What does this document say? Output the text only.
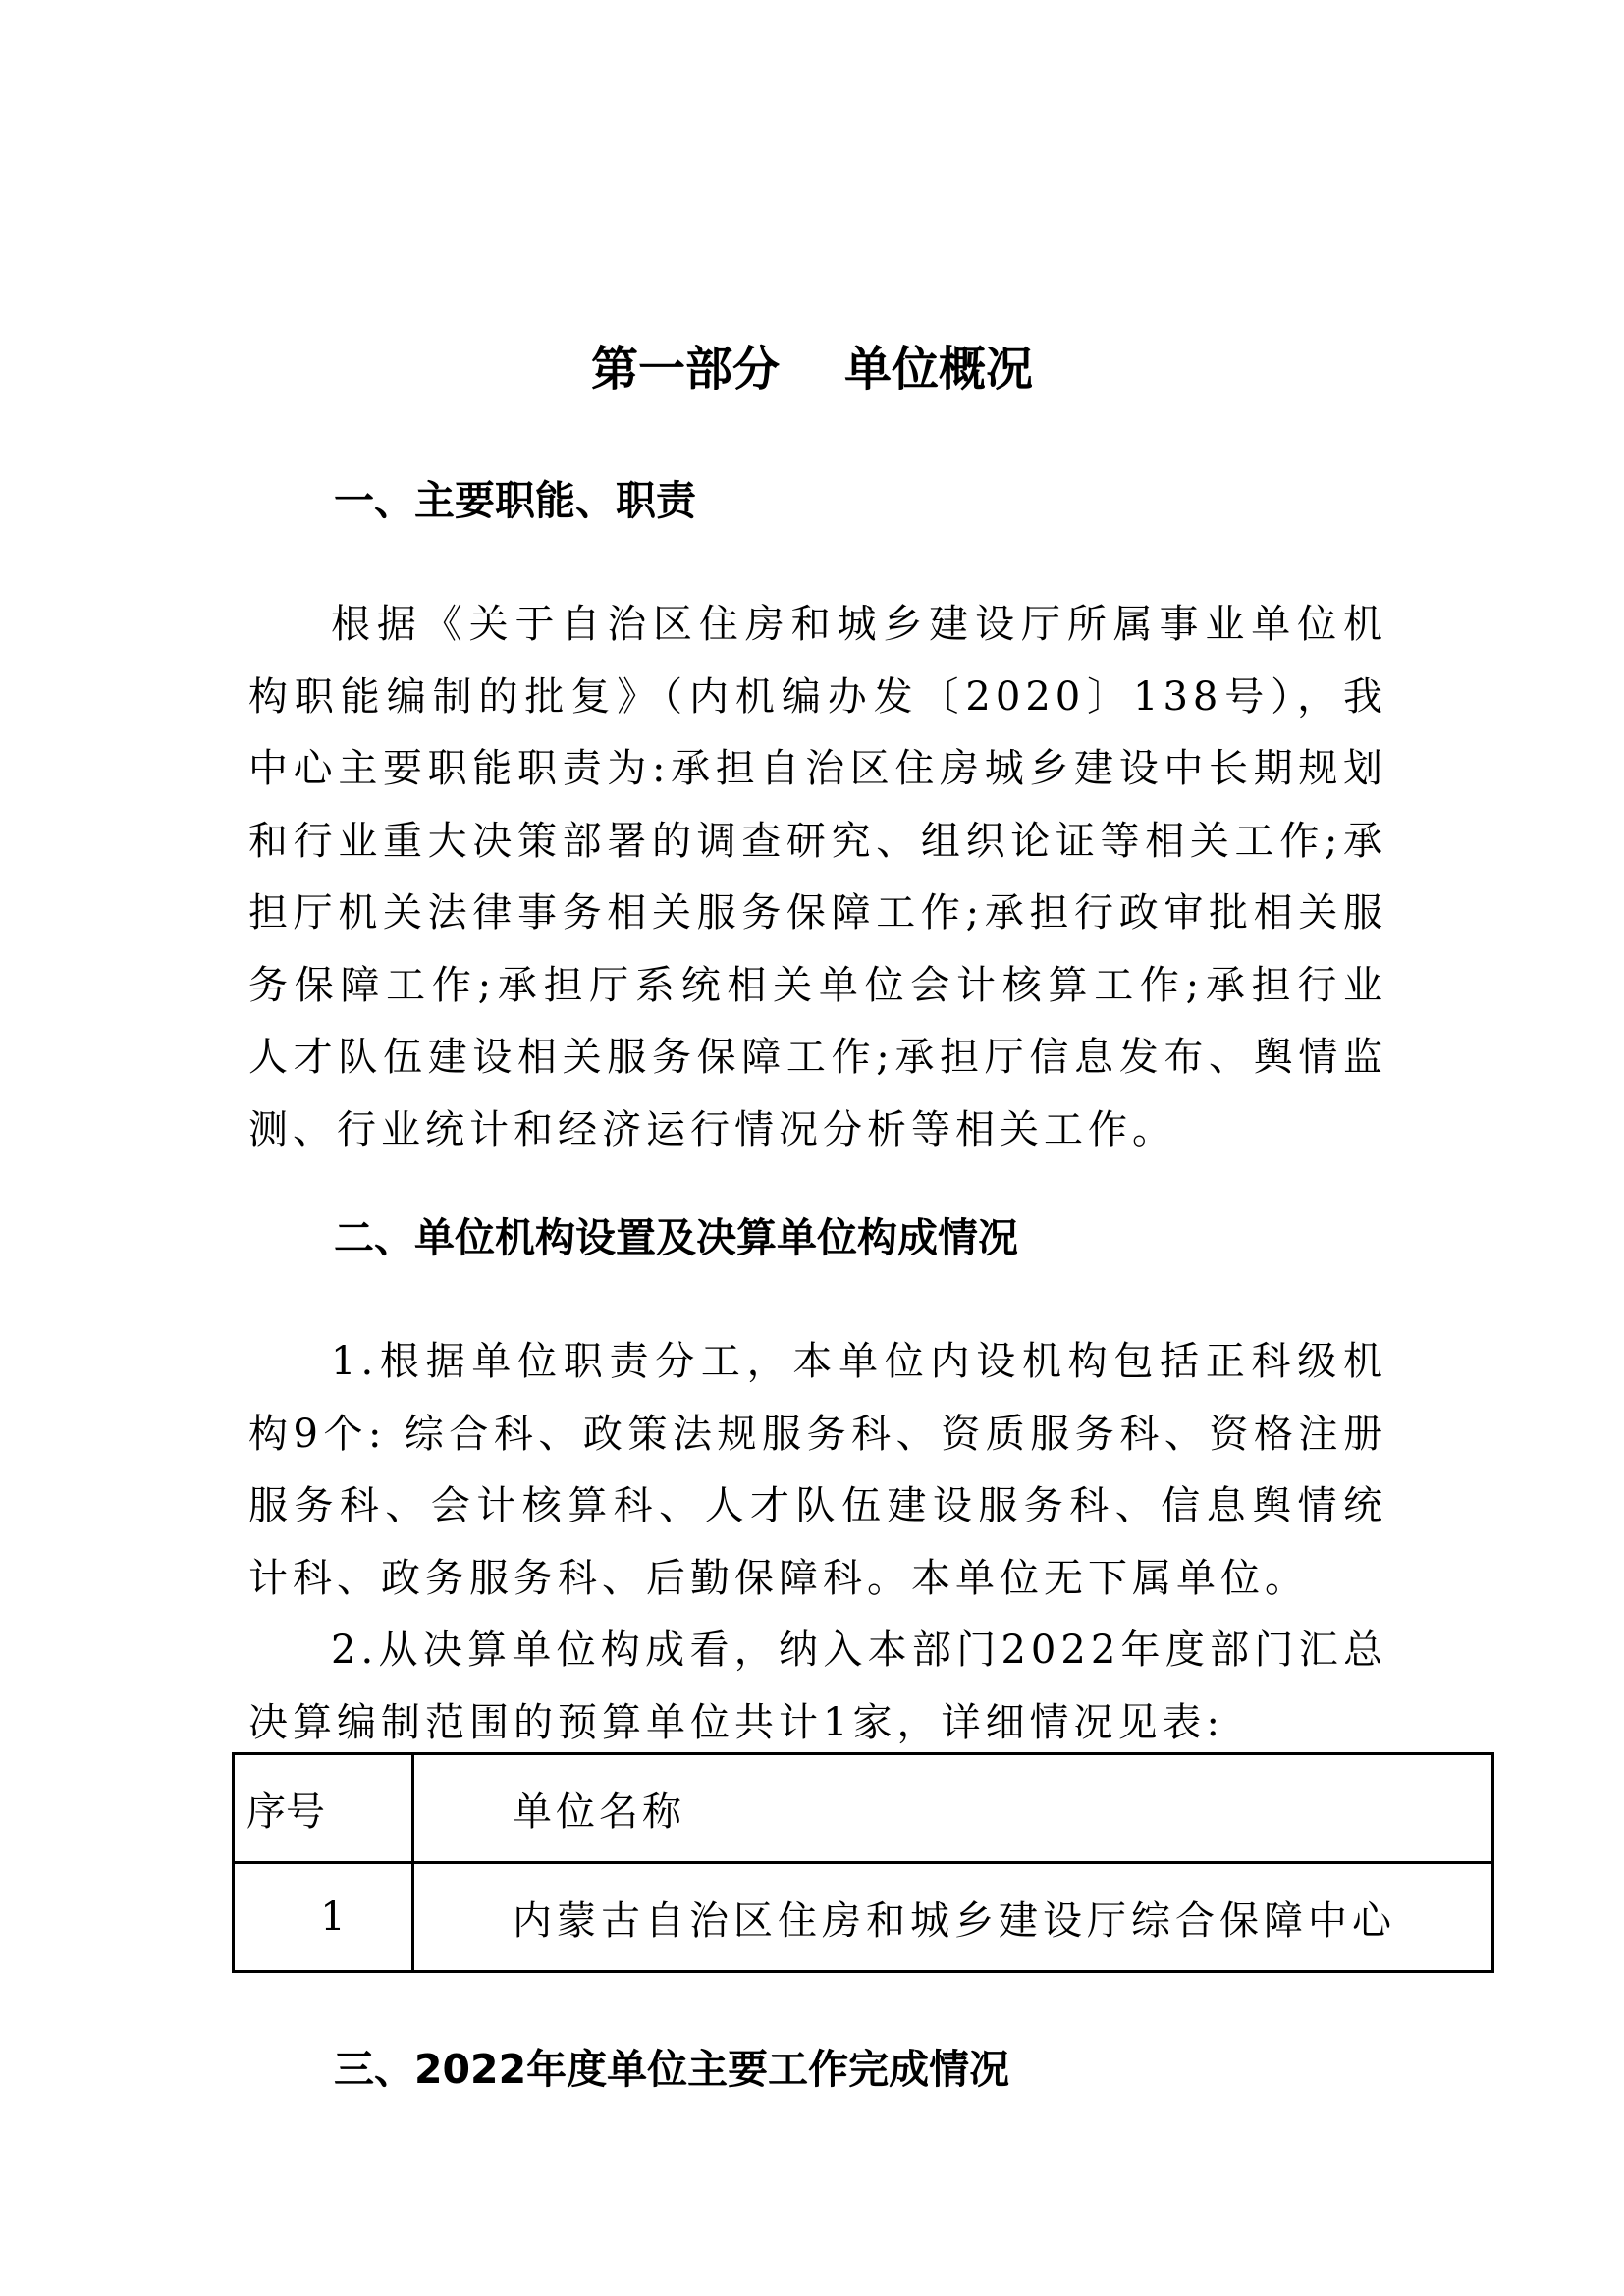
第一部分 单位概况
一、主要职能、职责

根据《关于自治区住房和城乡建设厅所属事业单位机构职能编制的批复》（内机编办发〔2020〕138号），我中心主要职能职责为:承担自治区住房城乡建设中长期规划和行业重大决策部署的调查研究、组织论证等相关工作;承担厅机关法律事务相关服务保障工作;承担行政审批相关服务保障工作;承担厅系统相关单位会计核算工作;承担行业人才队伍建设相关服务保障工作;承担厅信息发布、舆情监测、行业统计和经济运行情况分析等相关工作。

二、单位机构设置及决算单位构成情况

1.根据单位职责分工，本单位内设机构包括正科级机构9个: 综合科、政策法规服务科、资质服务科、资格注册服务科、会计核算科、人才队伍建设服务科、信息舆情统计科、政务服务科、后勤保障科。本单位无下属单位。

2.从决算单位构成看，纳入本部门2022年度部门汇总决算编制范围的预算单位共计1家，详细情况见表:

序号	单位名称
1	内蒙古自治区住房和城乡建设厅综合保障中心
三、2022年度单位主要工作完成情况
